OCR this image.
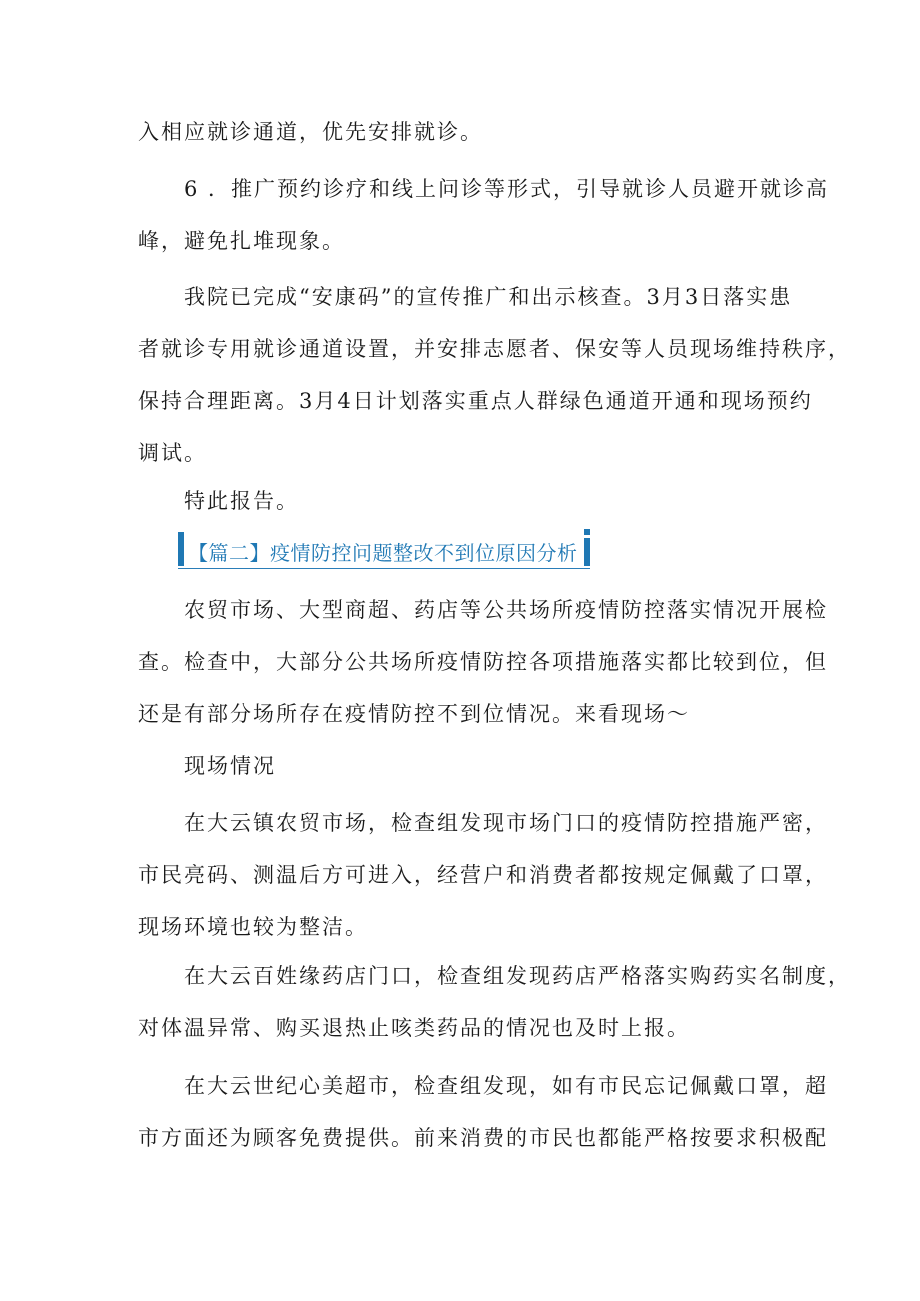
入相应就诊通道，优先安排就诊。

6 ．推广预约诊疗和线上问诊等形式，引导就诊人员避开就诊高
峰，避免扎堆现象。

我院已完成“安康码”的宣传推广和出示核查。3月3日落实患
者就诊专用就诊通道设置，并安排志愿者、保安等人员现场维持秩序，
保持合理距离。3月4日计划落实重点人群绿色通道开通和现场预约
调试。

特此报告。

【篇二】疫情防控问题整改不到位原因分析

农贸市场、大型商超、药店等公共场所疫情防控落实情况开展检
查。检查中，大部分公共场所疫情防控各项措施落实都比较到位，但
还是有部分场所存在疫情防控不到位情况。来看现场～

现场情况

在大云镇农贸市场，检查组发现市场门口的疫情防控措施严密，
市民亮码、测温后方可进入，经营户和消费者都按规定佩戴了口罩，
现场环境也较为整洁。

在大云百姓缘药店门口，检查组发现药店严格落实购药实名制度，
对体温异常、购买退热止咳类药品的情况也及时上报。

在大云世纪心美超市，检查组发现，如有市民忘记佩戴口罩，超
市方面还为顾客免费提供。前来消费的市民也都能严格按要求积极配
